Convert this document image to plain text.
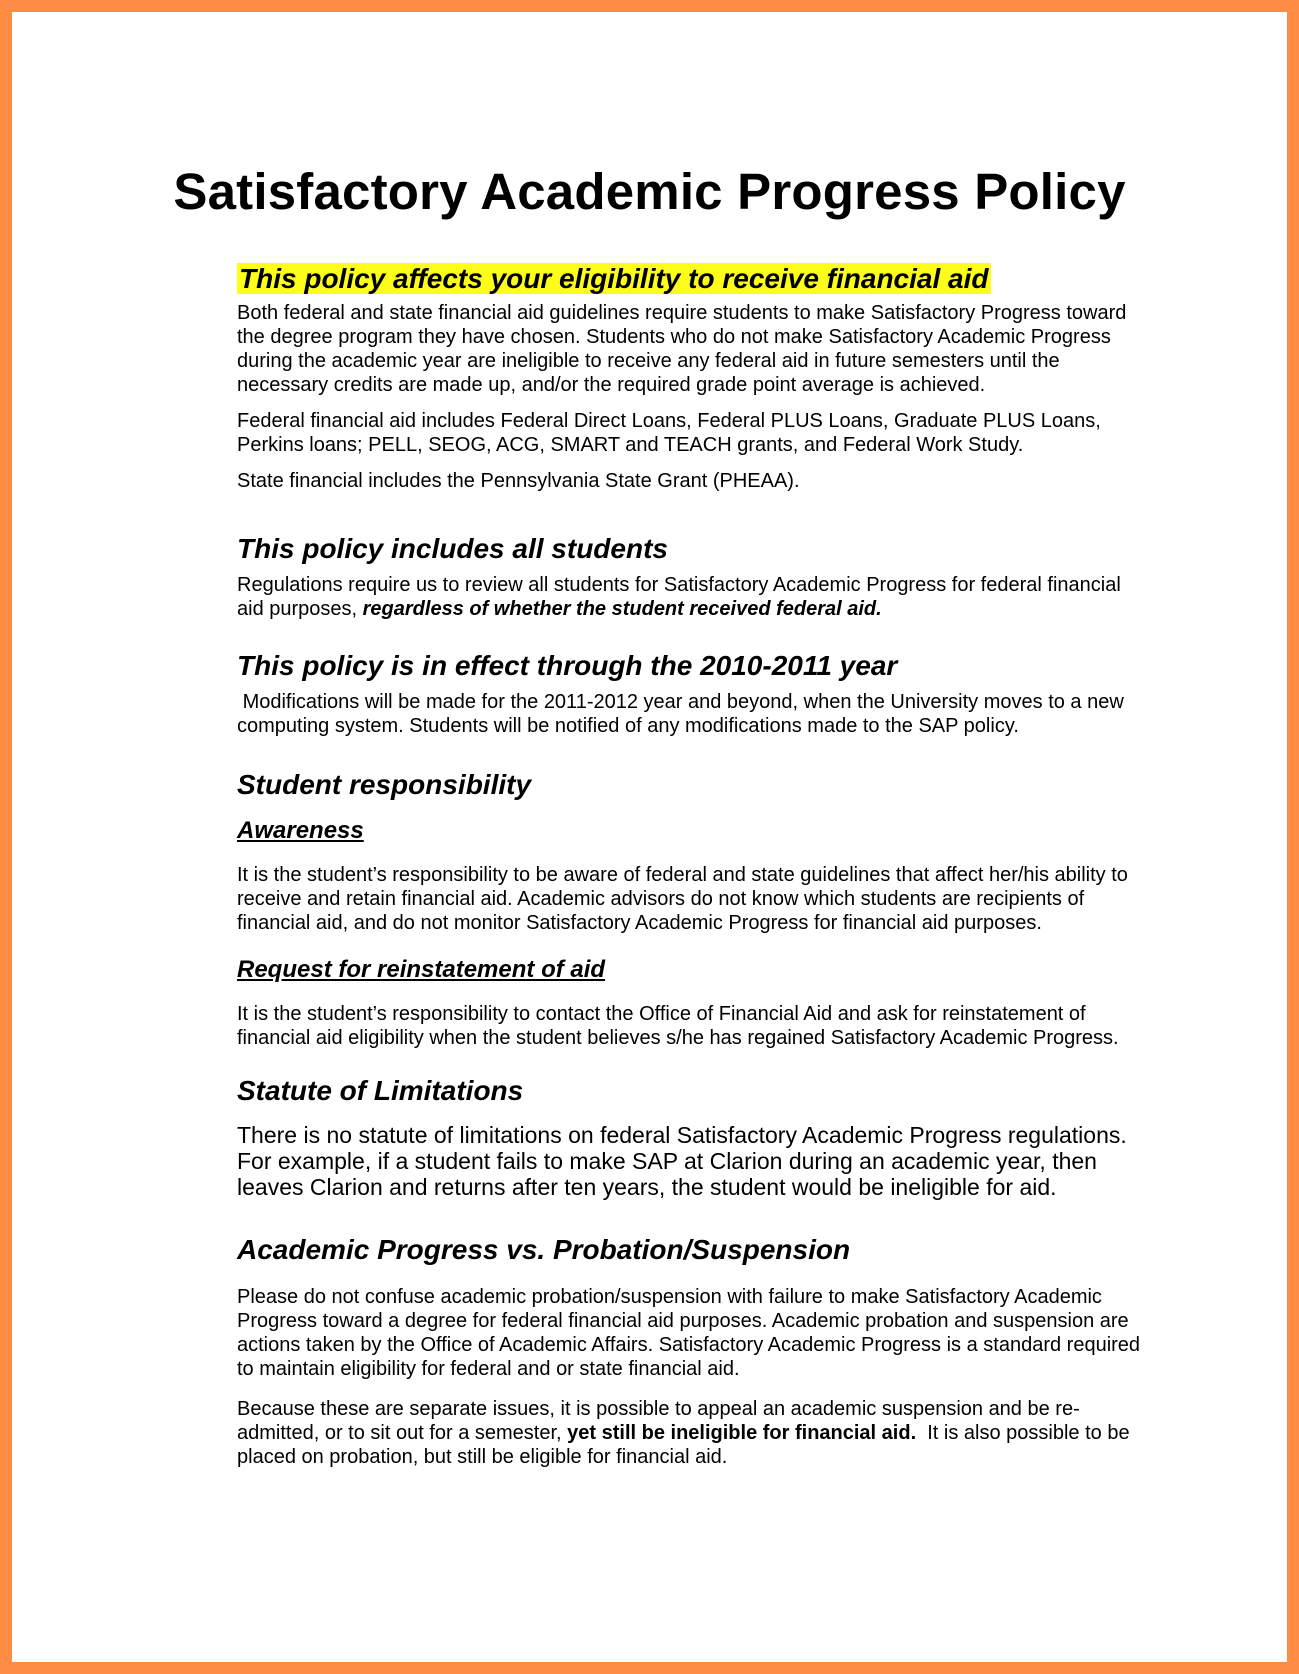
Satisfactory Academic Progress Policy
This policy affects your eligibility to receive financial aid

Both federal and state financial aid guidelines require students to make Satisfactory Progress toward the degree program they have chosen. Students who do not make Satisfactory Academic Progress during the academic year are ineligible to receive any federal aid in future semesters until the necessary credits are made up, and/or the required grade point average is achieved.

Federal financial aid includes Federal Direct Loans, Federal PLUS Loans, Graduate PLUS Loans, Perkins loans; PELL, SEOG, ACG, SMART and TEACH grants, and Federal Work Study.

State financial includes the Pennsylvania State Grant (PHEAA).

This policy includes all students

Regulations require us to review all students for Satisfactory Academic Progress for federal financial aid purposes, regardless of whether the student received federal aid.

This policy is in effect through the 2010-2011 year

Modifications will be made for the 2011-2012 year and beyond, when the University moves to a new computing system. Students will be notified of any modifications made to the SAP policy.

Student responsibility
Awareness

It is the student’s responsibility to be aware of federal and state guidelines that affect her/his ability to receive and retain financial aid. Academic advisors do not know which students are recipients of financial aid, and do not monitor Satisfactory Academic Progress for financial aid purposes.

Request for reinstatement of aid

It is the student’s responsibility to contact the Office of Financial Aid and ask for reinstatement of financial aid eligibility when the student believes s/he has regained Satisfactory Academic Progress.

Statute of Limitations

There is no statute of limitations on federal Satisfactory Academic Progress regulations. For example, if a student fails to make SAP at Clarion during an academic year, then leaves Clarion and returns after ten years, the student would be ineligible for aid.

Academic Progress vs. Probation/Suspension

Please do not confuse academic probation/suspension with failure to make Satisfactory Academic Progress toward a degree for federal financial aid purposes. Academic probation and suspension are actions taken by the Office of Academic Affairs. Satisfactory Academic Progress is a standard required to maintain eligibility for federal and or state financial aid.

Because these are separate issues, it is possible to appeal an academic suspension and be re-admitted, or to sit out for a semester, yet still be ineligible for financial aid.  It is also possible to be placed on probation, but still be eligible for financial aid.
